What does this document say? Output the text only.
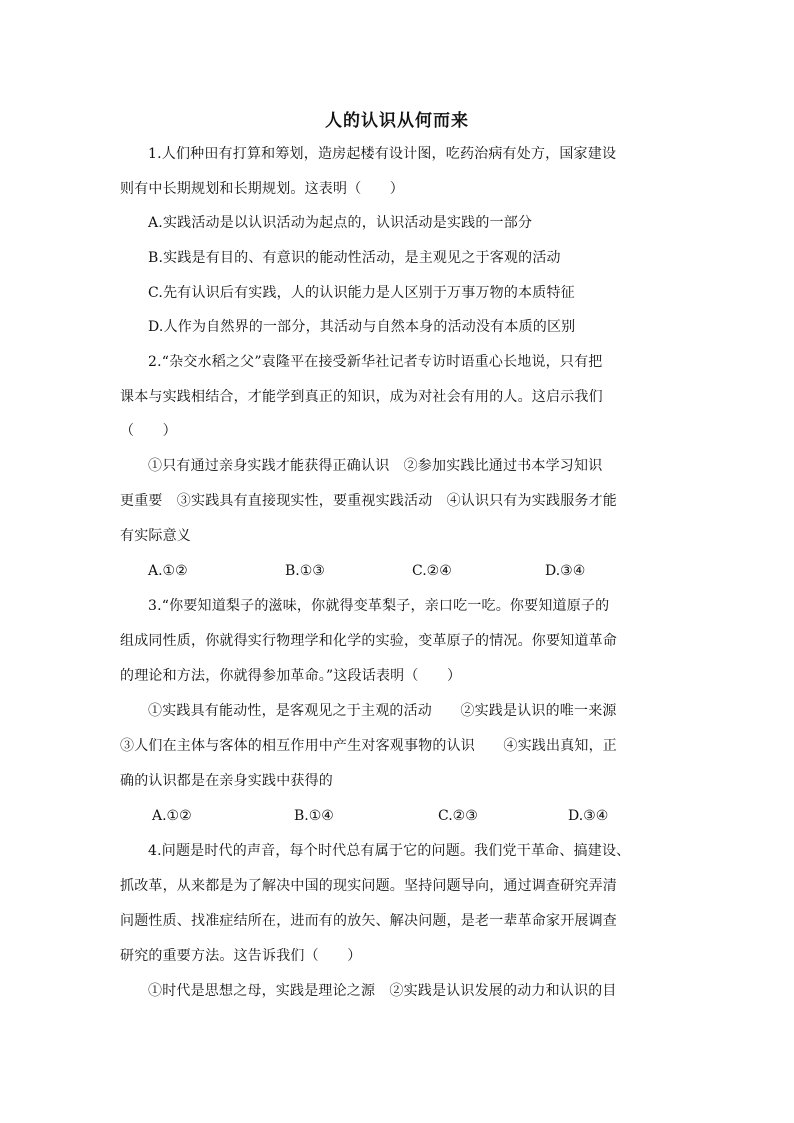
人的认识从何而来
1.人们种田有打算和筹划，造房起楼有设计图，吃药治病有处方，国家建设
则有中长期规划和长期规划。这表明（　　）
A.实践活动是以认识活动为起点的，认识活动是实践的一部分
B.实践是有目的、有意识的能动性活动，是主观见之于客观的活动
C.先有认识后有实践，人的认识能力是人区别于万事万物的本质特征
D.人作为自然界的一部分，其活动与自然本身的活动没有本质的区别
2.“杂交水稻之父”袁隆平在接受新华社记者专访时语重心长地说，只有把
课本与实践相结合，才能学到真正的知识，成为对社会有用的人。这启示我们
（　　）
①只有通过亲身实践才能获得正确认识　②参加实践比通过书本学习知识
更重要　③实践具有直接现实性，要重视实践活动　④认识只有为实践服务才能
有实际意义
A.①②	B.①③	C.②④	D.③④
3.“你要知道梨子的滋味，你就得变革梨子，亲口吃一吃。你要知道原子的
组成同性质，你就得实行物理学和化学的实验，变革原子的情况。你要知道革命
的理论和方法，你就得参加革命。”这段话表明（　　）
①实践具有能动性，是客观见之于主观的活动　　②实践是认识的唯一来源
③人们在主体与客体的相互作用中产生对客观事物的认识　　④实践出真知，正
确的认识都是在亲身实践中获得的
A.①②	B.①④	C.②③	D.③④
4.问题是时代的声音，每个时代总有属于它的问题。我们党干革命、搞建设、
抓改革，从来都是为了解决中国的现实问题。坚持问题导向，通过调查研究弄清
问题性质、找准症结所在，进而有的放矢、解决问题，是老一辈革命家开展调查
研究的重要方法。这告诉我们（　　）
①时代是思想之母，实践是理论之源　②实践是认识发展的动力和认识的目
